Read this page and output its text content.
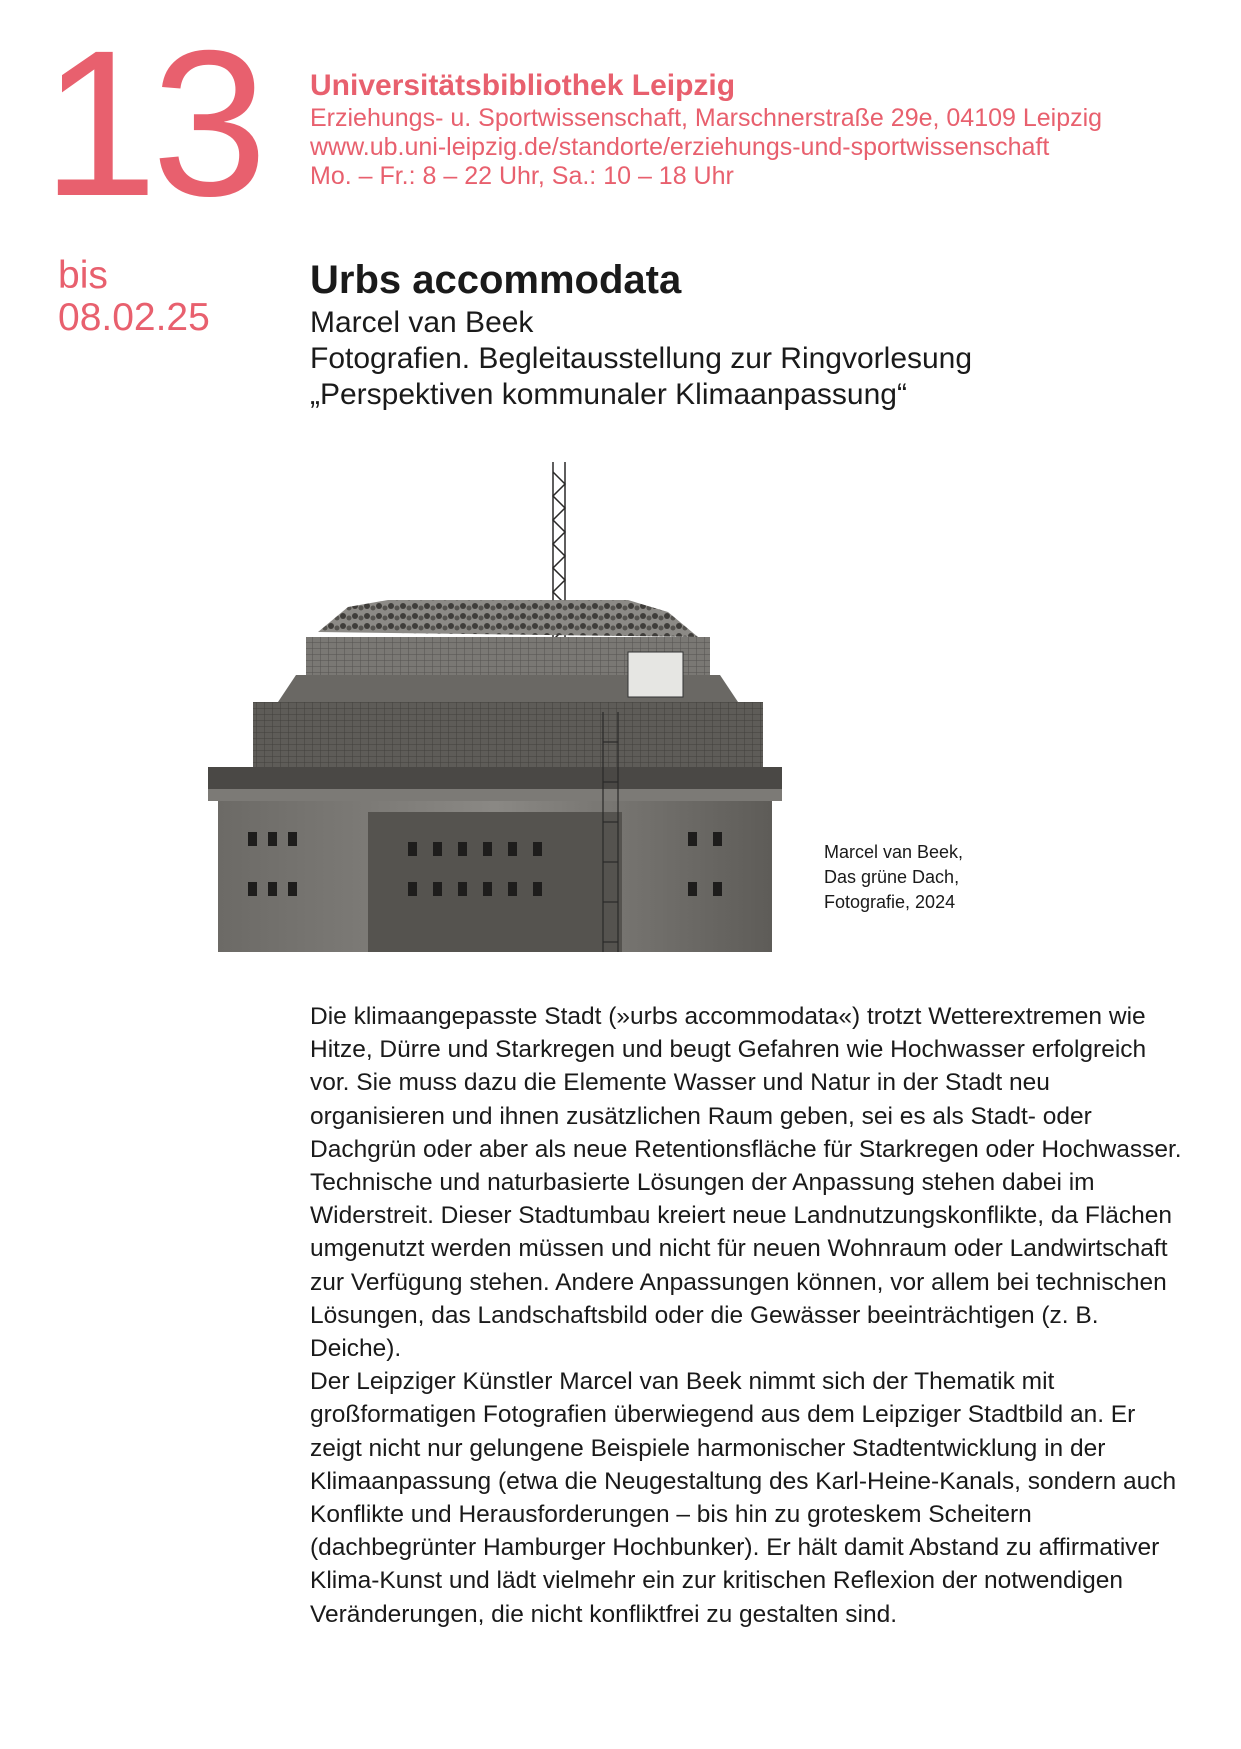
13 Universitätsbibliothek Leipzig
Erziehungs- u. Sportwissenschaft, Marschnerstraße 29e, 04109 Leipzig
www.ub.uni-leipzig.de/standorte/erziehungs-und-sportwissenschaft
Mo. – Fr.: 8 – 22 Uhr, Sa.: 10 – 18 Uhr
bis
08.02.25
Urbs accommodata
Marcel van Beek
Fotografien. Begleitausstellung zur Ringvorlesung
„Perspektiven kommunaler Klimaanpassung“
Marcel van Beek,
Das grüne Dach,
Fotografie, 2024

Die klimaangepasste Stadt (»urbs accommodata«) trotzt Wetterextremen wie Hitze, Dürre und Starkregen und beugt Gefahren wie Hochwasser erfolgreich vor. Sie muss dazu die Elemente Wasser und Natur in der Stadt neu organisieren und ihnen zusätzlichen Raum geben, sei es als Stadt- oder Dachgrün oder aber als neue Retentionsfläche für Starkregen oder Hochwasser. Technische und naturbasierte Lösungen der Anpassung stehen dabei im Widerstreit. Dieser Stadtumbau kreiert neue Landnutzungskonflikte, da Flächen umgenutzt werden müssen und nicht für neuen Wohnraum oder Landwirtschaft zur Verfügung stehen. Andere Anpassungen können, vor allem bei technischen Lösungen, das Landschaftsbild oder die Gewässer beeinträchtigen (z. B. Deiche).

Der Leipziger Künstler Marcel van Beek nimmt sich der Thematik mit großformatigen Fotografien überwiegend aus dem Leipziger Stadtbild an. Er zeigt nicht nur gelungene Beispiele harmonischer Stadtentwicklung in der Klimaanpassung (etwa die Neugestaltung des Karl-Heine-Kanals, sondern auch Konflikte und Herausforderungen – bis hin zu groteskem Scheitern (dachbegrünter Hamburger Hochbunker). Er hält damit Abstand zu affirmativer Klima-Kunst und lädt vielmehr ein zur kritischen Reflexion der notwendigen Veränderungen, die nicht konfliktfrei zu gestalten sind.
